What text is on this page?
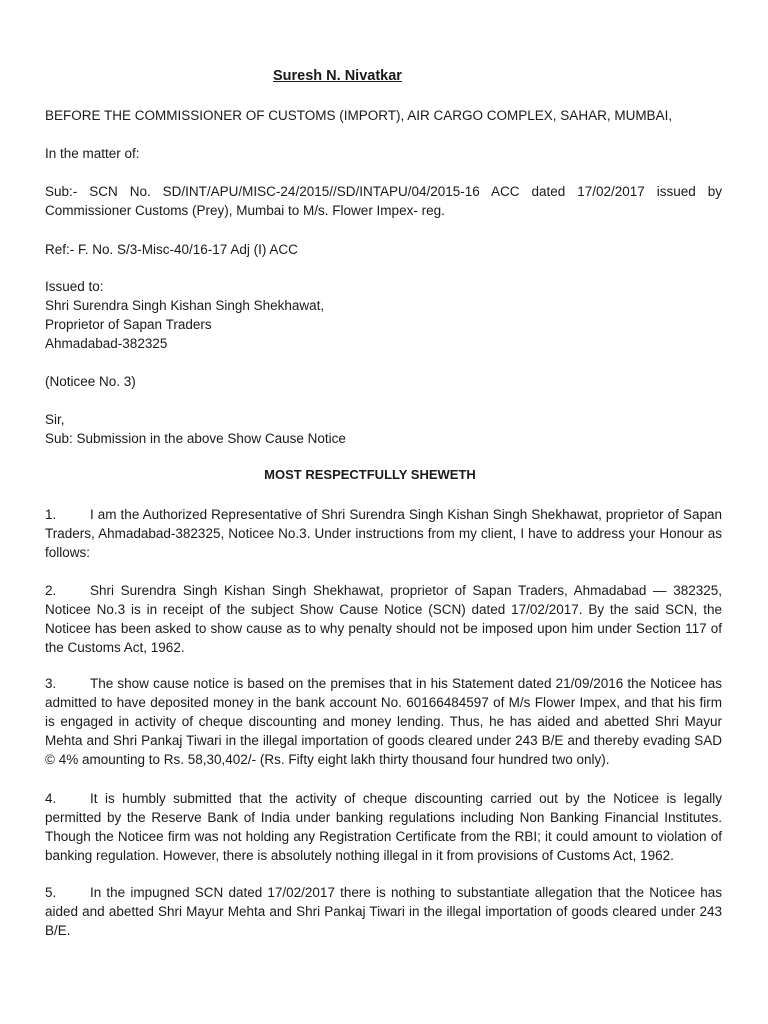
Suresh N. Nivatkar
BEFORE THE COMMISSIONER OF CUSTOMS (IMPORT), AIR CARGO COMPLEX, SAHAR, MUMBAI,
In the matter of:
Sub:- SCN No. SD/INT/APU/MISC-24/2015//SD/INTAPU/04/2015-16 ACC dated 17/02/2017 issued by Commissioner Customs (Prey), Mumbai to M/s. Flower Impex- reg.
Ref:- F. No. S/3-Misc-40/16-17 Adj (I) ACC
Issued to:
Shri Surendra Singh Kishan Singh Shekhawat,
Proprietor of Sapan Traders
Ahmadabad-382325
(Noticee No. 3)
Sir,
Sub: Submission in the above Show Cause Notice
MOST RESPECTFULLY SHEWETH
1. I am the Authorized Representative of Shri Surendra Singh Kishan Singh Shekhawat, proprietor of Sapan Traders, Ahmadabad-382325, Noticee No.3. Under instructions from my client, I have to address your Honour as follows:
2. Shri Surendra Singh Kishan Singh Shekhawat, proprietor of Sapan Traders, Ahmadabad — 382325, Noticee No.3 is in receipt of the subject Show Cause Notice (SCN) dated 17/02/2017. By the said SCN, the Noticee has been asked to show cause as to why penalty should not be imposed upon him under Section 117 of the Customs Act, 1962.
3. The show cause notice is based on the premises that in his Statement dated 21/09/2016 the Noticee has admitted to have deposited money in the bank account No. 60166484597 of M/s Flower Impex, and that his firm is engaged in activity of cheque discounting and money lending. Thus, he has aided and abetted Shri Mayur Mehta and Shri Pankaj Tiwari in the illegal importation of goods cleared under 243 B/E and thereby evading SAD © 4% amounting to Rs. 58,30,402/- (Rs. Fifty eight lakh thirty thousand four hundred two only).
4. It is humbly submitted that the activity of cheque discounting carried out by the Noticee is legally permitted by the Reserve Bank of India under banking regulations including Non Banking Financial Institutes. Though the Noticee firm was not holding any Registration Certificate from the RBI; it could amount to violation of banking regulation. However, there is absolutely nothing illegal in it from provisions of Customs Act, 1962.
5. In the impugned SCN dated 17/02/2017 there is nothing to substantiate allegation that the Noticee has aided and abetted Shri Mayur Mehta and Shri Pankaj Tiwari in the illegal importation of goods cleared under 243 B/E.
